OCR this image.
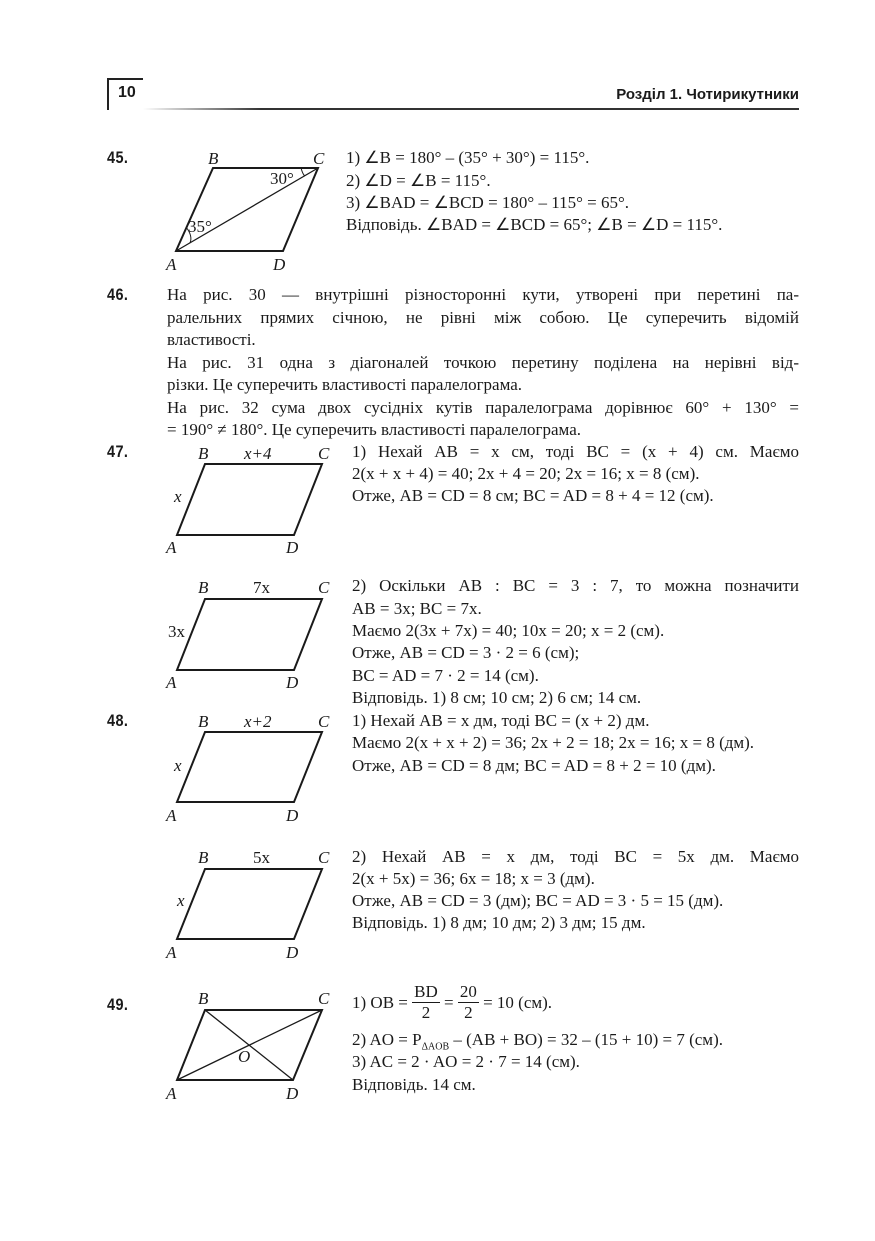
10	Розділ 1. Чотирикутники
B	C
A	D
30°
35°
B	C
A	D
x+4
x
B	C
A	D
7x
3x
B	C
A	D
x+2
x
B	C
A	D
5x
x
B	C
A	D
O
45.	1) ∠B = 180° – (35° + 30°) = 115°.
2) ∠D = ∠B = 115°.
3) ∠BAD = ∠BCD = 180° – 115° = 65°.
Відповідь. ∠BAD = ∠BCD = 65°; ∠B = ∠D = 115°.
46. На рис. 30 — внутрішні різносторонні кути, утворені при перетині па-
ралельних прямих січною, не рівні між собою. Це суперечить відомій
властивості.
На рис. 31 одна з діагоналей точкою перетину поділена на нерівні від-
різки. Це суперечить властивості паралелограма.
На рис. 32 сума двох сусідніх кутів паралелограма дорівнює 60° + 130° =
= 190° ≠ 180°. Це суперечить властивості паралелограма.
47.	1) Нехай AB = x см, тоді BC = (x + 4) см. Маємо
2(x + x + 4) = 40; 2x + 4 = 20; 2x = 16; x = 8 (см).
Отже, AB = CD = 8 см; BC = AD = 8 + 4 = 12 (см).
2) Оскільки AB : BC = 3 : 7, то можна позначити
AB = 3x; BC = 7x.
Маємо 2(3x + 7x) = 40; 10x = 20; x = 2 (см).
Отже, AB = CD = 3 · 2 = 6 (см);
BC = AD = 7 · 2 = 14 (см).
Відповідь. 1) 8 см; 10 см; 2) 6 см; 14 см.
48.	1) Нехай AB = x дм, тоді BC = (x + 2) дм.
Маємо 2(x + x + 2) = 36; 2x + 2 = 18; 2x = 16; x = 8 (дм).
Отже, AB = CD = 8 дм; BC = AD = 8 + 2 = 10 (дм).
2) Нехай AB = x дм, тоді BC = 5x дм. Маємо
2(x + 5x) = 36; 6x = 18; x = 3 (дм).
Отже, AB = CD = 3 (дм); BC = AD = 3 · 5 = 15 (дм).
Відповідь. 1) 8 дм; 10 дм; 2) 3 дм; 15 дм.
49.	1) OB = $\frac{BD}{2} = \frac{20}{2} = 10$ (см).
2) AO = $P_{\Delta AOB} - (AB + BO) = 32 - (15 + 10) = 7$ (см).
3) AC = 2 · AO = 2 · 7 = 14 (см).
Відповідь. 14 см.
